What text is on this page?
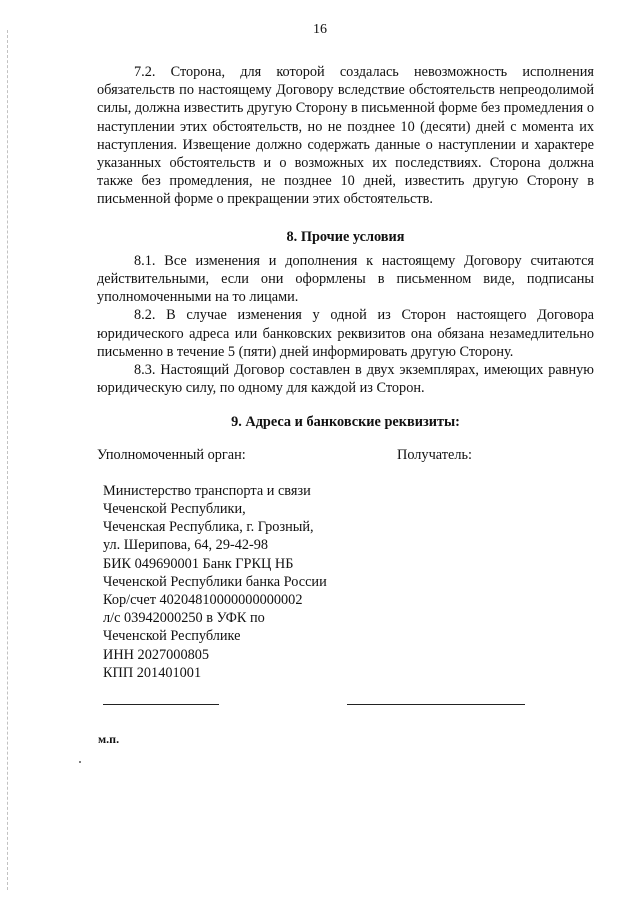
16

7.2. Сторона, для которой создалась невозможность исполнения обязательств по настоящему Договору вследствие обстоятельств непреодолимой силы, должна известить другую Сторону в письменной форме без промедления о наступлении этих обстоятельств, но не позднее 10 (десяти) дней с момента их наступления. Извещение должно содержать данные о наступлении и характере указанных обстоятельств и о возможных их последствиях. Сторона должна также без промедления, не позднее 10 дней, известить другую Сторону в письменной форме о прекращении этих обстоятельств.

8. Прочие условия

8.1. Все изменения и дополнения к настоящему Договору считаются действительными, если они оформлены в письменном виде, подписаны уполномоченными на то лицами.

8.2. В случае изменения у одной из Сторон настоящего Договора юридического адреса или банковских реквизитов она обязана незамедлительно письменно в течение 5 (пяти) дней информировать другую Сторону.

8.3. Настоящий Договор составлен в двух экземплярах, имеющих равную юридическую силу, по одному для каждой из Сторон.

9. Адреса и банковские реквизиты:

Уполномоченный орган:	Получатель:
Министерство транспорта и связи
Чеченской Республики,
Чеченская Республика, г. Грозный,
ул. Шерипова, 64, 29-42-98
БИК 049690001 Банк ГРКЦ НБ
Чеченской Республики банка России
Кор/счет 40204810000000000002
л/с 03942000250 в УФК по
Чеченской Республике
ИНН 2027000805
КПП 201401001
м.п.
